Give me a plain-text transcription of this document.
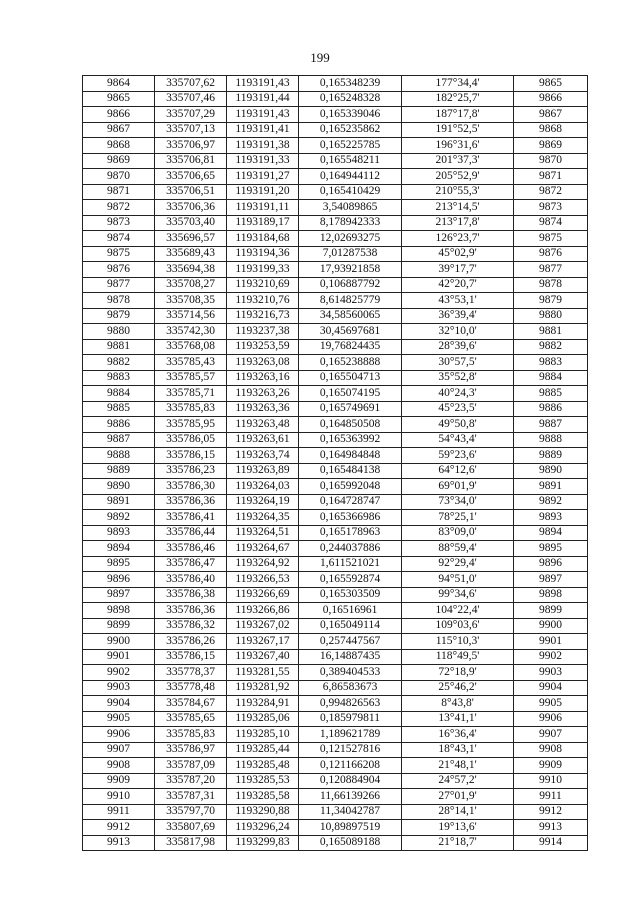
199
9864	335707,62	1193191,43	0,165348239	177°34,4'	9865
9865	335707,46	1193191,44	0,165248328	182°25,7'	9866
9866	335707,29	1193191,43	0,165339046	187°17,8'	9867
9867	335707,13	1193191,41	0,165235862	191°52,5'	9868
9868	335706,97	1193191,38	0,165225785	196°31,6'	9869
9869	335706,81	1193191,33	0,165548211	201°37,3'	9870
9870	335706,65	1193191,27	0,164944112	205°52,9'	9871
9871	335706,51	1193191,20	0,165410429	210°55,3'	9872
9872	335706,36	1193191,11	3,54089865	213°14,5'	9873
9873	335703,40	1193189,17	8,178942333	213°17,8'	9874
9874	335696,57	1193184,68	12,02693275	126°23,7'	9875
9875	335689,43	1193194,36	7,01287538	45°02,9'	9876
9876	335694,38	1193199,33	17,93921858	39°17,7'	9877
9877	335708,27	1193210,69	0,106887792	42°20,7'	9878
9878	335708,35	1193210,76	8,614825779	43°53,1'	9879
9879	335714,56	1193216,73	34,58560065	36°39,4'	9880
9880	335742,30	1193237,38	30,45697681	32°10,0'	9881
9881	335768,08	1193253,59	19,76824435	28°39,6'	9882
9882	335785,43	1193263,08	0,165238888	30°57,5'	9883
9883	335785,57	1193263,16	0,165504713	35°52,8'	9884
9884	335785,71	1193263,26	0,165074195	40°24,3'	9885
9885	335785,83	1193263,36	0,165749691	45°23,5'	9886
9886	335785,95	1193263,48	0,164850508	49°50,8'	9887
9887	335786,05	1193263,61	0,165363992	54°43,4'	9888
9888	335786,15	1193263,74	0,164984848	59°23,6'	9889
9889	335786,23	1193263,89	0,165484138	64°12,6'	9890
9890	335786,30	1193264,03	0,165992048	69°01,9'	9891
9891	335786,36	1193264,19	0,164728747	73°34,0'	9892
9892	335786,41	1193264,35	0,165366986	78°25,1'	9893
9893	335786,44	1193264,51	0,165178963	83°09,0'	9894
9894	335786,46	1193264,67	0,244037886	88°59,4'	9895
9895	335786,47	1193264,92	1,611521021	92°29,4'	9896
9896	335786,40	1193266,53	0,165592874	94°51,0'	9897
9897	335786,38	1193266,69	0,165303509	99°34,6'	9898
9898	335786,36	1193266,86	0,16516961	104°22,4'	9899
9899	335786,32	1193267,02	0,165049114	109°03,6'	9900
9900	335786,26	1193267,17	0,257447567	115°10,3'	9901
9901	335786,15	1193267,40	16,14887435	118°49,5'	9902
9902	335778,37	1193281,55	0,389404533	72°18,9'	9903
9903	335778,48	1193281,92	6,86583673	25°46,2'	9904
9904	335784,67	1193284,91	0,994826563	8°43,8'	9905
9905	335785,65	1193285,06	0,185979811	13°41,1'	9906
9906	335785,83	1193285,10	1,189621789	16°36,4'	9907
9907	335786,97	1193285,44	0,121527816	18°43,1'	9908
9908	335787,09	1193285,48	0,121166208	21°48,1'	9909
9909	335787,20	1193285,53	0,120884904	24°57,2'	9910
9910	335787,31	1193285,58	11,66139266	27°01,9'	9911
9911	335797,70	1193290,88	11,34042787	28°14,1'	9912
9912	335807,69	1193296,24	10,89897519	19°13,6'	9913
9913	335817,98	1193299,83	0,165089188	21°18,7'	9914
